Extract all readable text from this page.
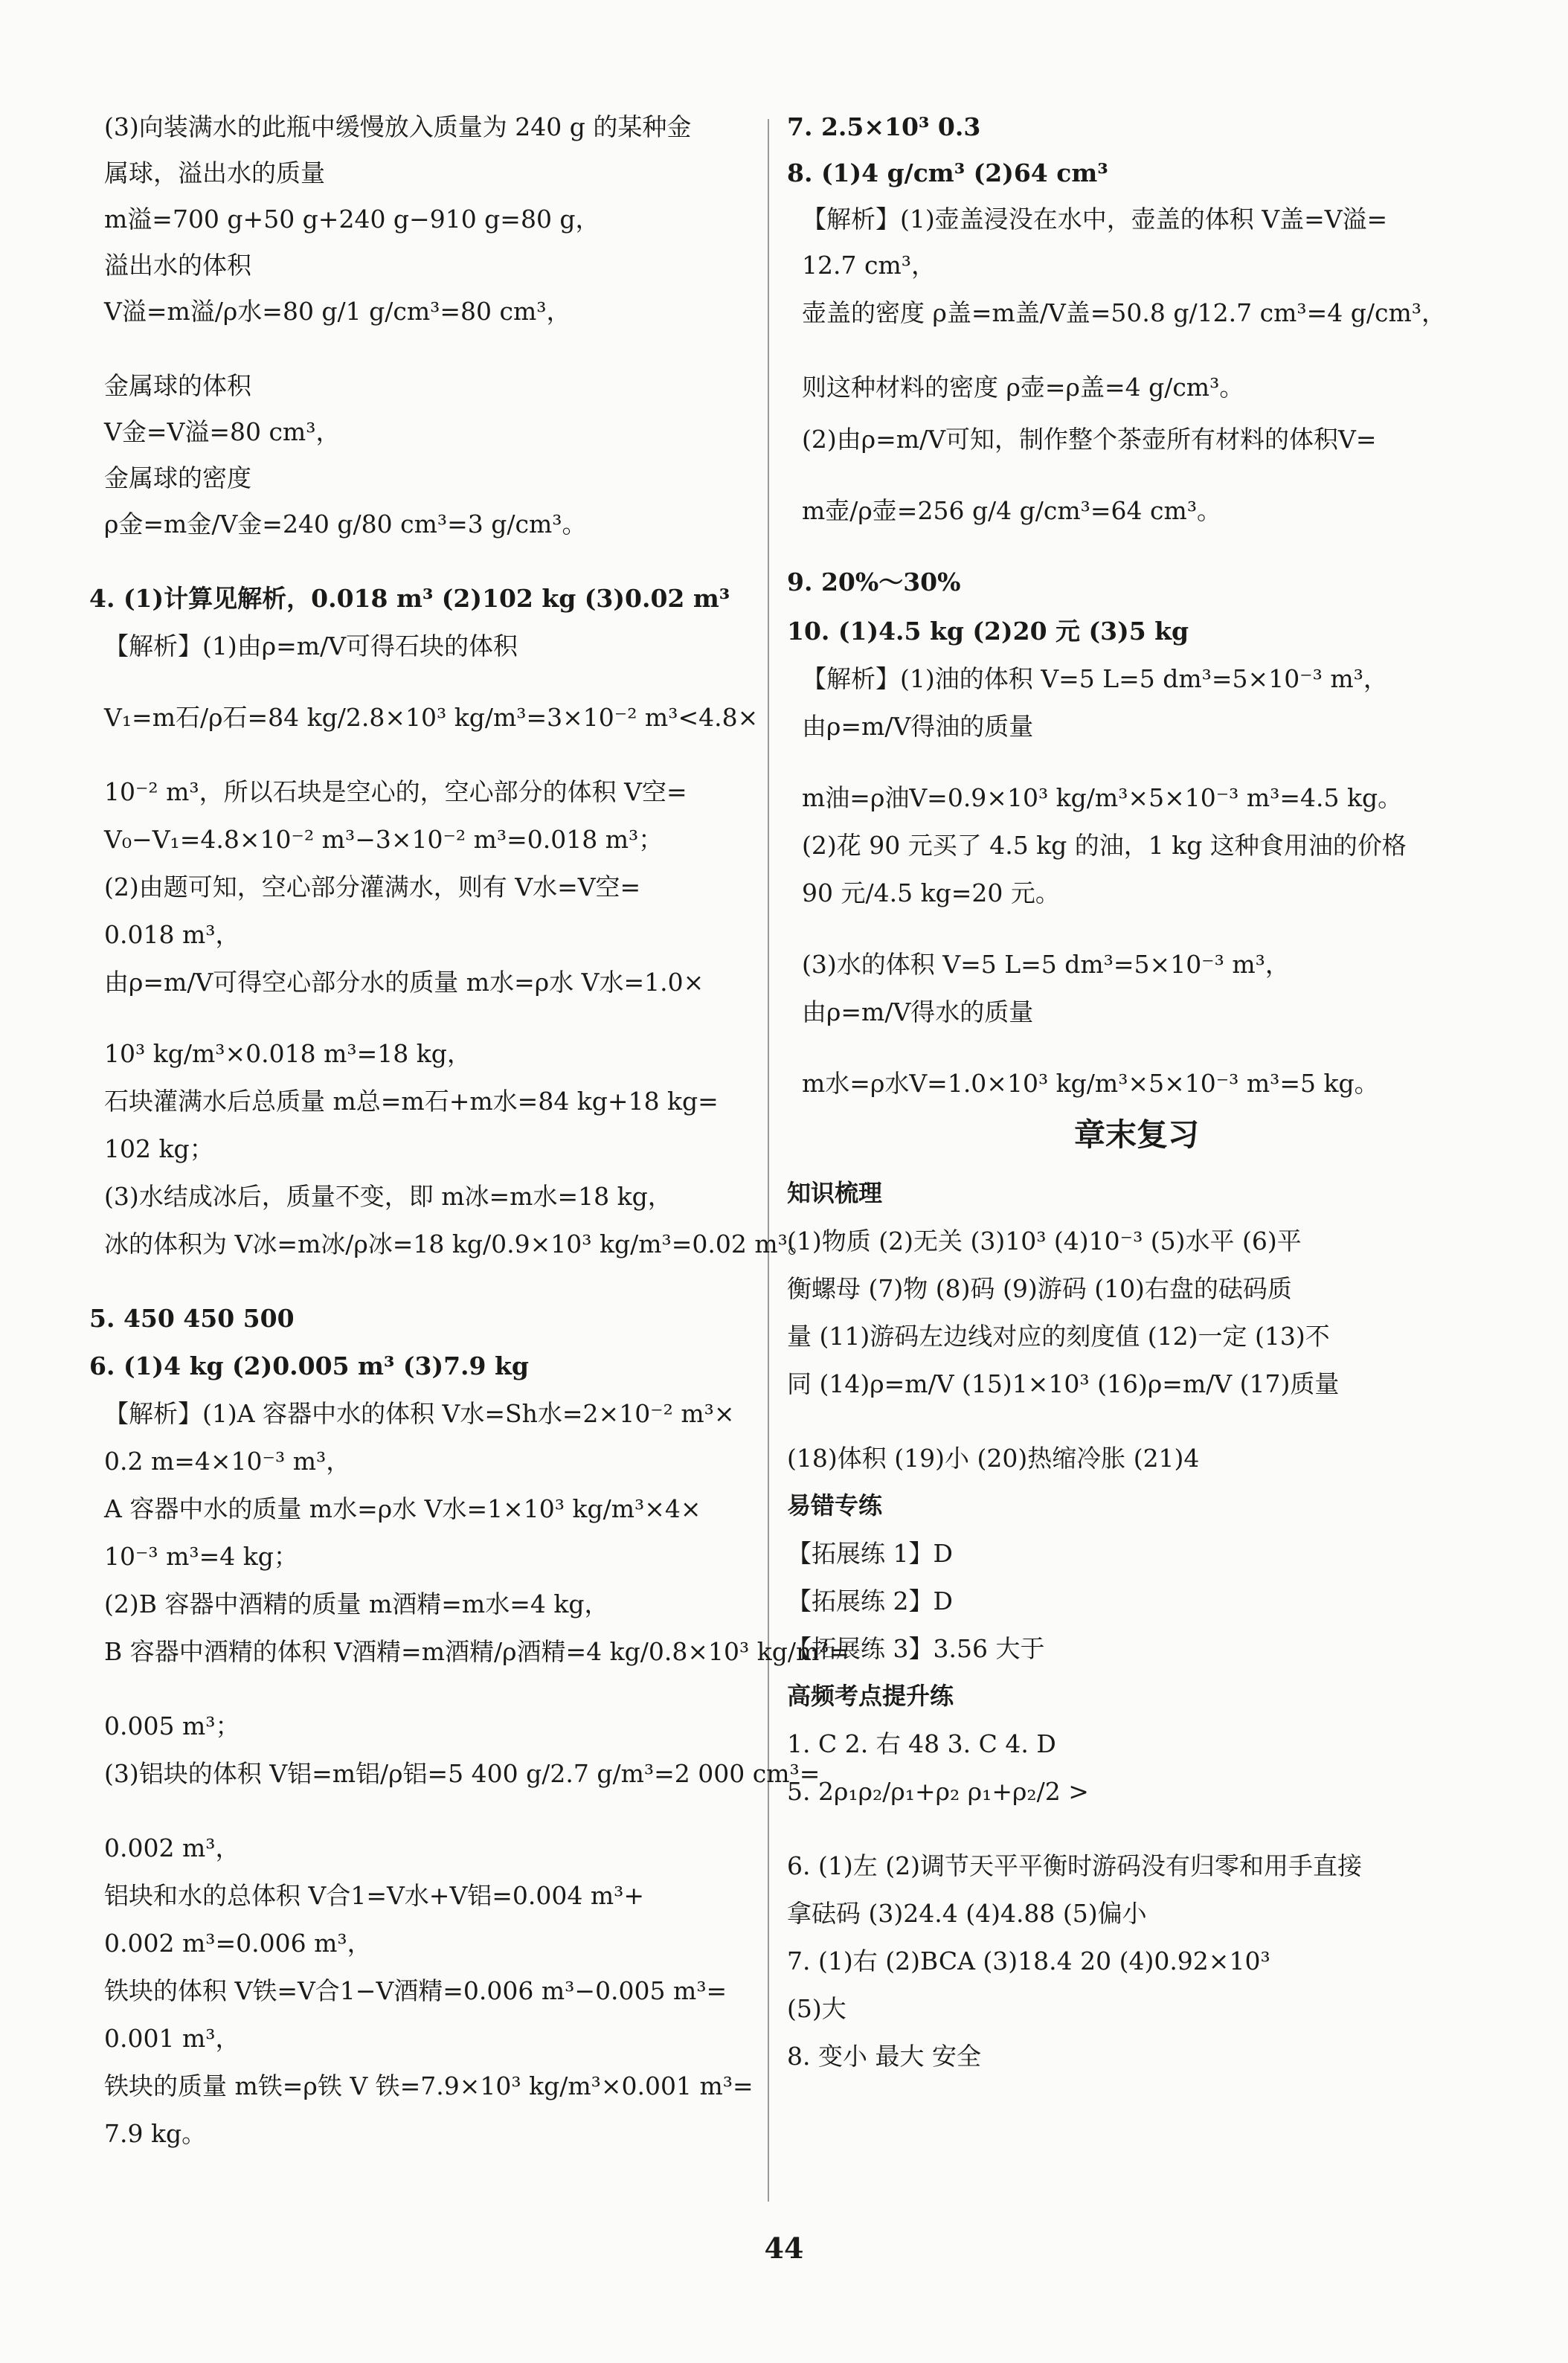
(3)向装满水的此瓶中缓慢放入质量为 240 g 的某种金
属球，溢出水的质量
m溢=700 g+50 g+240 g−910 g=80 g，
溢出水的体积
V溢=m溢/ρ水=80 g/1 g/cm³=80 cm³，
金属球的体积
V金=V溢=80 cm³，
金属球的密度
ρ金=m金/V金=240 g/80 cm³=3 g/cm³。
4. (1)计算见解析，0.018 m³ (2)102 kg (3)0.02 m³
【解析】(1)由ρ=m/V可得石块的体积
V₁=m石/ρ石=84 kg/2.8×10³ kg/m³=3×10⁻² m³<4.8×
10⁻² m³，所以石块是空心的，空心部分的体积 V空=
V₀−V₁=4.8×10⁻² m³−3×10⁻² m³=0.018 m³；
(2)由题可知，空心部分灌满水，则有 V水=V空=
0.018 m³，
由ρ=m/V可得空心部分水的质量 m水=ρ水 V水=1.0×
10³ kg/m³×0.018 m³=18 kg，
石块灌满水后总质量 m总=m石+m水=84 kg+18 kg=
102 kg；
(3)水结成冰后，质量不变，即 m冰=m水=18 kg，
冰的体积为 V冰=m冰/ρ冰=18 kg/0.9×10³ kg/m³=0.02 m³。
5. 450 450 500
6. (1)4 kg (2)0.005 m³ (3)7.9 kg
【解析】(1)A 容器中水的体积 V水=Sh水=2×10⁻² m³×
0.2 m=4×10⁻³ m³，
A 容器中水的质量 m水=ρ水 V水=1×10³ kg/m³×4×
10⁻³ m³=4 kg；
(2)B 容器中酒精的质量 m酒精=m水=4 kg，
B 容器中酒精的体积 V酒精=m酒精/ρ酒精=4 kg/0.8×10³ kg/m³=
0.005 m³；
(3)铝块的体积 V铝=m铝/ρ铝=5 400 g/2.7 g/m³=2 000 cm³=
0.002 m³，
铝块和水的总体积 V合1=V水+V铝=0.004 m³+
0.002 m³=0.006 m³，
铁块的体积 V铁=V合1−V酒精=0.006 m³−0.005 m³=
0.001 m³，
铁块的质量 m铁=ρ铁 V 铁=7.9×10³ kg/m³×0.001 m³=
7.9 kg。
7. 2.5×10³ 0.3
8. (1)4 g/cm³ (2)64 cm³
【解析】(1)壶盖浸没在水中，壶盖的体积 V盖=V溢=
12.7 cm³，
壶盖的密度 ρ盖=m盖/V盖=50.8 g/12.7 cm³=4 g/cm³，
则这种材料的密度 ρ壶=ρ盖=4 g/cm³。
(2)由ρ=m/V可知，制作整个茶壶所有材料的体积V=
m壶/ρ壶=256 g/4 g/cm³=64 cm³。
9. 20%～30%
10. (1)4.5 kg (2)20 元 (3)5 kg
【解析】(1)油的体积 V=5 L=5 dm³=5×10⁻³ m³，
由ρ=m/V得油的质量
m油=ρ油V=0.9×10³ kg/m³×5×10⁻³ m³=4.5 kg。
(2)花 90 元买了 4.5 kg 的油，1 kg 这种食用油的价格
90 元/4.5 kg=20 元。
(3)水的体积 V=5 L=5 dm³=5×10⁻³ m³，
由ρ=m/V得水的质量
m水=ρ水V=1.0×10³ kg/m³×5×10⁻³ m³=5 kg。
章末复习
知识梳理
(1)物质 (2)无关 (3)10³ (4)10⁻³ (5)水平 (6)平
衡螺母 (7)物 (8)码 (9)游码 (10)右盘的砝码质
量 (11)游码左边线对应的刻度值 (12)一定 (13)不
同 (14)ρ=m/V (15)1×10³ (16)ρ=m/V (17)质量
(18)体积 (19)小 (20)热缩冷胀 (21)4
易错专练
【拓展练 1】D
【拓展练 2】D
【拓展练 3】3.56 大于
高频考点提升练
1. C 2. 右 48 3. C 4. D
5. 2ρ₁ρ₂/ρ₁+ρ₂ ρ₁+ρ₂/2 >
6. (1)左 (2)调节天平平衡时游码没有归零和用手直接
拿砝码 (3)24.4 (4)4.88 (5)偏小
7. (1)右 (2)BCA (3)18.4 20 (4)0.92×10³
(5)大
8. 变小 最大 安全
44
